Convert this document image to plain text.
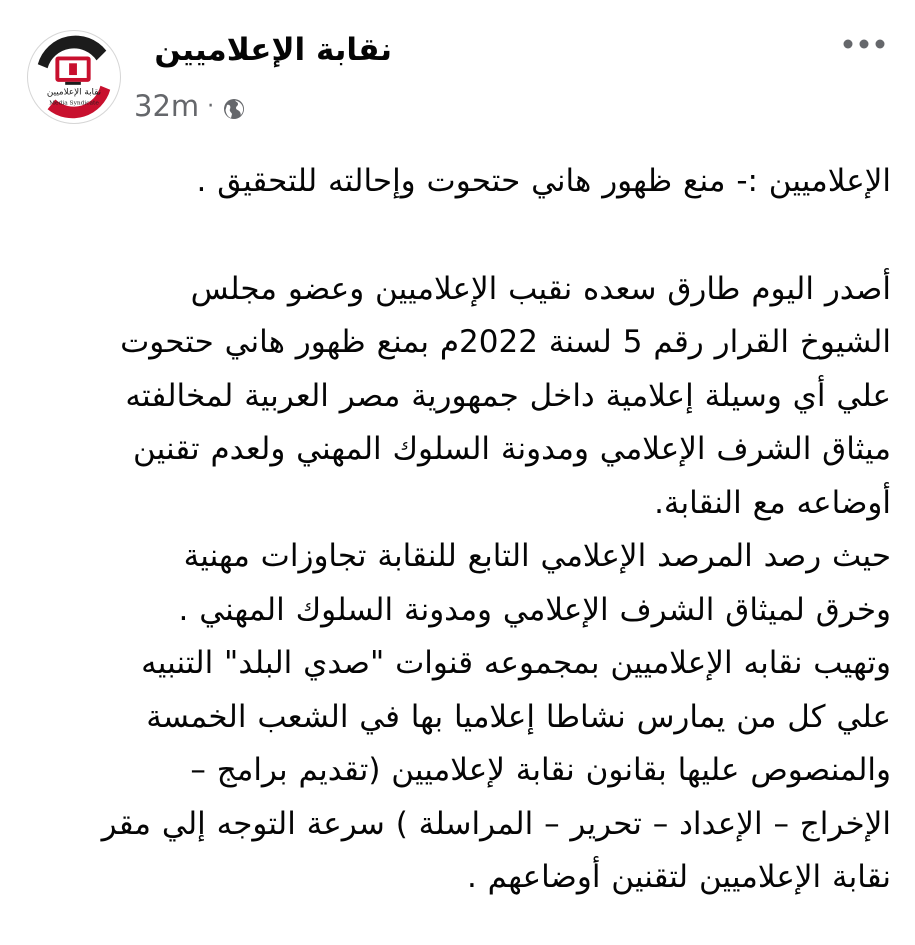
نقابة الإعلاميين
Media Syndicate
نقابة الإعلاميين
32m ·
الإعلاميين :- منع ظهور هاني حتحوت وإحالته للتحقيق .
أصدر اليوم طارق سعده نقيب الإعلاميين وعضو مجلس
الشيوخ القرار رقم 5 لسنة 2022م بمنع ظهور هاني حتحوت
علي أي وسيلة إعلامية داخل جمهورية مصر العربية لمخالفته
ميثاق الشرف الإعلامي ومدونة السلوك المهني ولعدم تقنين
أوضاعه مع النقابة.
حيث رصد المرصد الإعلامي التابع للنقابة تجاوزات مهنية
وخرق لميثاق الشرف الإعلامي ومدونة السلوك المهني .
وتهيب نقابه الإعلاميين بمجموعه قنوات "صدي البلد" التنبيه
علي كل من يمارس نشاطا إعلاميا بها في الشعب الخمسة
والمنصوص عليها بقانون نقابة لإعلاميين (تقديم برامج –
الإخراج – الإعداد – تحرير – المراسلة ) سرعة التوجه إلي مقر
نقابة الإعلاميين لتقنين أوضاعهم .
